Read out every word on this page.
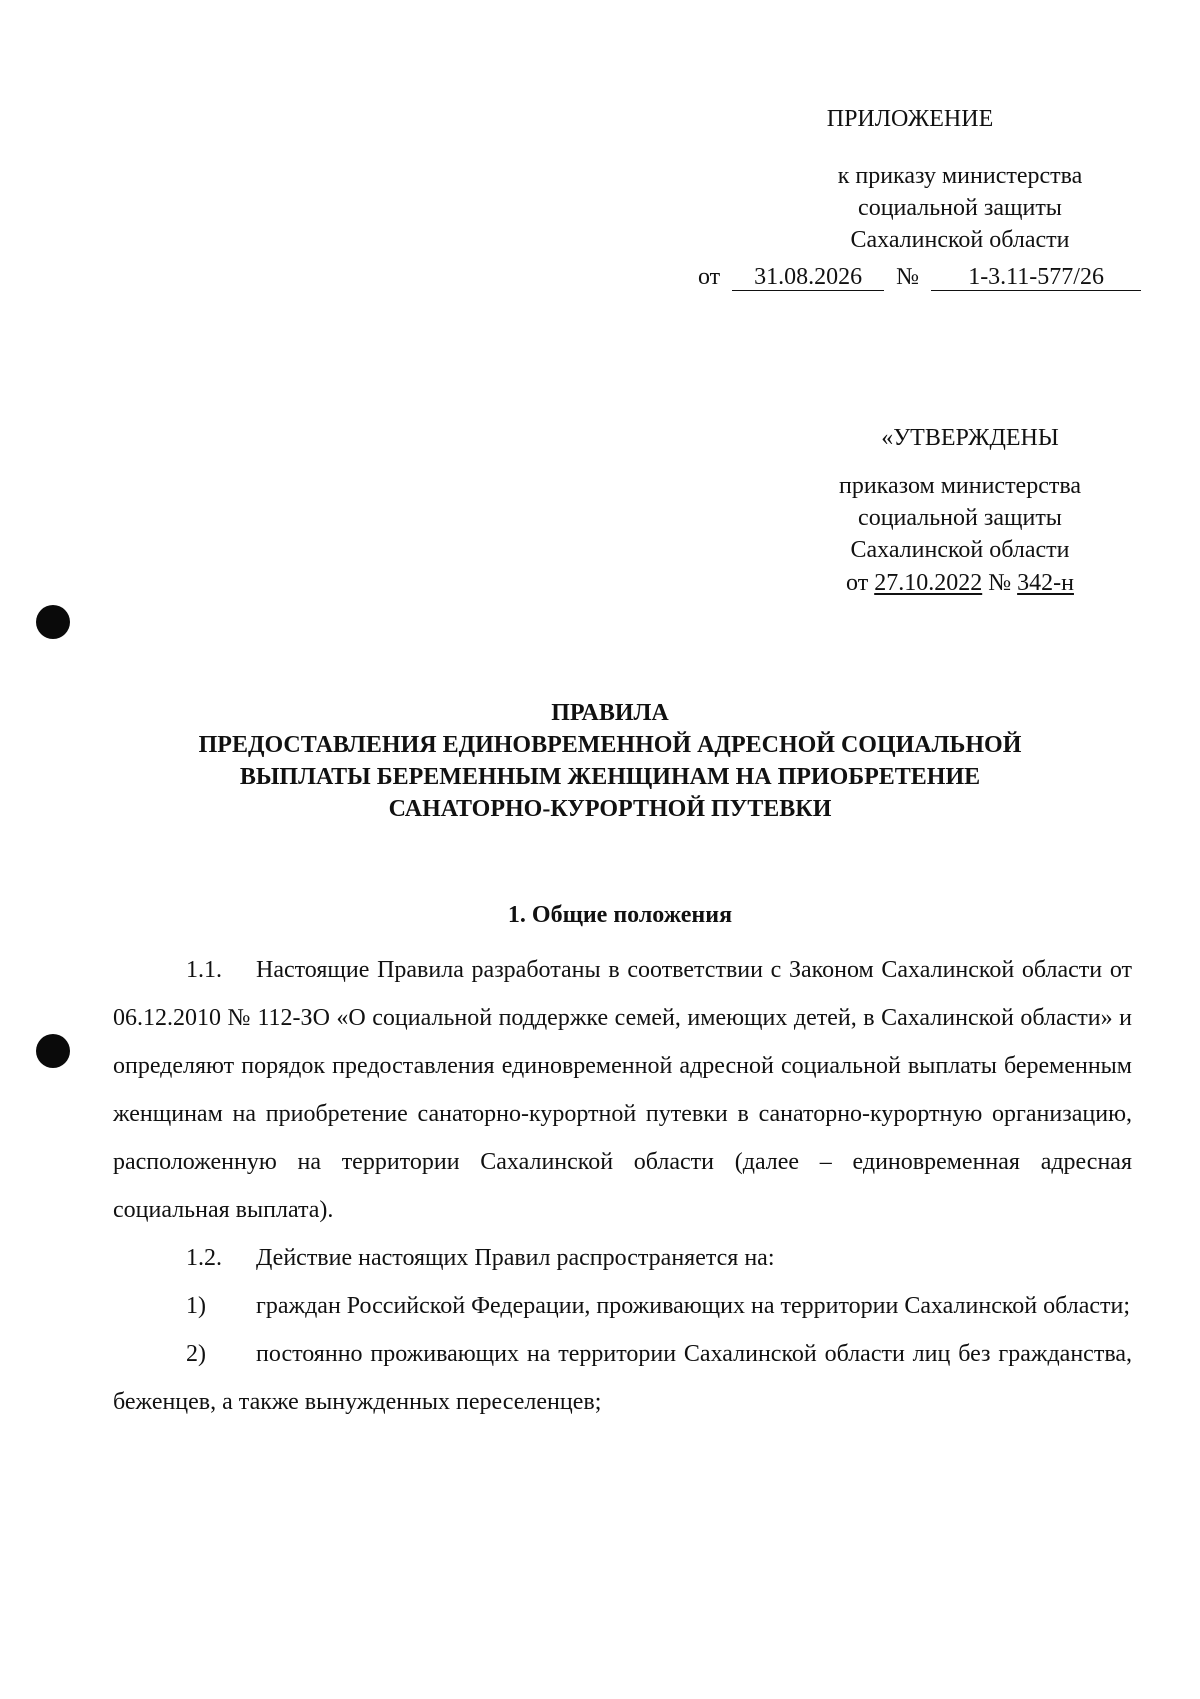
ПРИЛОЖЕНИЕ
к приказу министерства
социальной защиты
Сахалинской области
от 31.08.2026 № 1-3.11-577/26
«УТВЕРЖДЕНЫ
приказом министерства
социальной защиты
Сахалинской области
от 27.10.2022 № 342-н
ПРАВИЛА
ПРЕДОСТАВЛЕНИЯ ЕДИНОВРЕМЕННОЙ АДРЕСНОЙ СОЦИАЛЬНОЙ
ВЫПЛАТЫ БЕРЕМЕННЫМ ЖЕНЩИНАМ НА ПРИОБРЕТЕНИЕ
САНАТОРНО-КУРОРТНОЙ ПУТЕВКИ
1. Общие положения

1.1. Настоящие Правила разработаны в соответствии с Законом Сахалинской области от 06.12.2010 № 112-ЗО «О социальной поддержке семей, имеющих детей, в Сахалинской области» и определяют порядок предоставления единовременной адресной социальной выплаты беременным женщинам на приобретение санаторно-курортной путевки в санаторно-курортную организацию, расположенную на территории Сахалинской области (далее – единовременная адресная социальная выплата).

1.2. Действие настоящих Правил распространяется на:

1) граждан Российской Федерации, проживающих на территории Сахалинской области;

2) постоянно проживающих на территории Сахалинской области лиц без гражданства, беженцев, а также вынужденных переселенцев;
